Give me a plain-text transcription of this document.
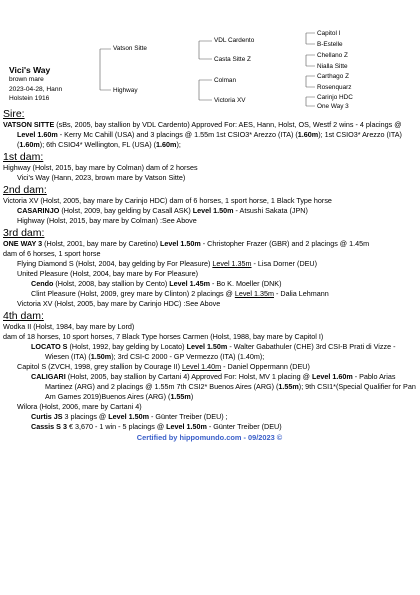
Vici's Way
brown mare
2023-04-28, Hann
Holstein 1916
Vatson Sitte
Highway
VDL Cardento
Casta Sitte Z
Colman
Victoria XV
Capitol I
B-Estelle
Chellano Z
Nialla Sitte
Carthago Z
Rosenquarz
Carinjo HDC
One Way 3
Sire:

VATSON SITTE (sBs, 2005, bay stallion by VDL Cardento) Approved For: AES, Hann, Holst, OS, Westf 2 wins - 4 placings @ Level 1.60m - Kerry Mc Cahill (USA) and 3 placings @ 1.55m 1st CSIO3* Arezzo (ITA) (1.60m); 1st CSIO3* Arezzo (ITA) (1.60m); 6th CSIO4* Wellington, FL (USA) (1.60m);

1st dam:

Highway (Holst, 2015, bay mare by Colman) dam of 2 horses

Vici's Way (Hann, 2023, brown mare by Vatson Sitte)

2nd dam:

Victoria XV (Holst, 2005, bay mare by Carinjo HDC) dam of 6 horses, 1 sport horse, 1 Black Type horse

CASARINJO (Holst, 2009, bay gelding by Casall ASK) Level 1.50m - Atsushi Sakata (JPN)

Highway (Holst, 2015, bay mare by Colman) :See Above

3rd dam:

ONE WAY 3 (Holst, 2001, bay mare by Caretino) Level 1.50m - Christopher Frazer (GBR) and 2 placings @ 1.45m

dam of 6 horses, 1 sport horse

Flying Diamond S (Holst, 2004, bay gelding by For Pleasure) Level 1.35m - Lisa Dorner (DEU)

United Pleasure (Holst, 2004, bay mare by For Pleasure)

Cendo (Holst, 2008, bay stallion by Cento) Level 1.45m - Bo K. Moeller (DNK)

Clint Pleasure (Holst, 2009, grey mare by Clinton) 2 placings @ Level 1.35m - Dalia Lehmann

Victoria XV (Holst, 2005, bay mare by Carinjo HDC) :See Above

4th dam:

Wodka II (Holst, 1984, bay mare by Lord)

dam of 18 horses, 10 sport horses, 7 Black Type horses Carmen (Holst, 1988, bay mare by Capitol I)

LOCATO S (Holst, 1992, bay gelding by Locato) Level 1.50m - Walter Gabathuler (CHE) 3rd CSI-B Prati di Vizze - Wiesen (ITA) (1.50m); 3rd CSI-C 2000 - GP Vermezzo (ITA) (1.40m);

Capitol S (ZVCH, 1998, grey stallion by Courage II) Level 1.40m - Daniel Oppermann (DEU)

CALIGARI (Holst, 2005, bay stallion by Cartani 4) Approved For: Holst, MV 1 placing @ Level 1.60m - Pablo Arias Martinez (ARG) and 2 placings @ 1.55m 7th CSI2* Buenos Aires (ARG) (1.55m); 9th CSI1*(Special Qualifier for Pan Am Games 2019)Buenos Aires (ARG) (1.55m)

Wilora (Holst, 2006, mare by Cartani 4)

Curtis JS 3 placings @ Level 1.50m - Günter Treiber (DEU) ;

Cassis S 3 € 3,670 - 1 win - 5 placings @ Level 1.50m - Günter Treiber (DEU)

Certified by hippomundo.com - 09/2023 ©
